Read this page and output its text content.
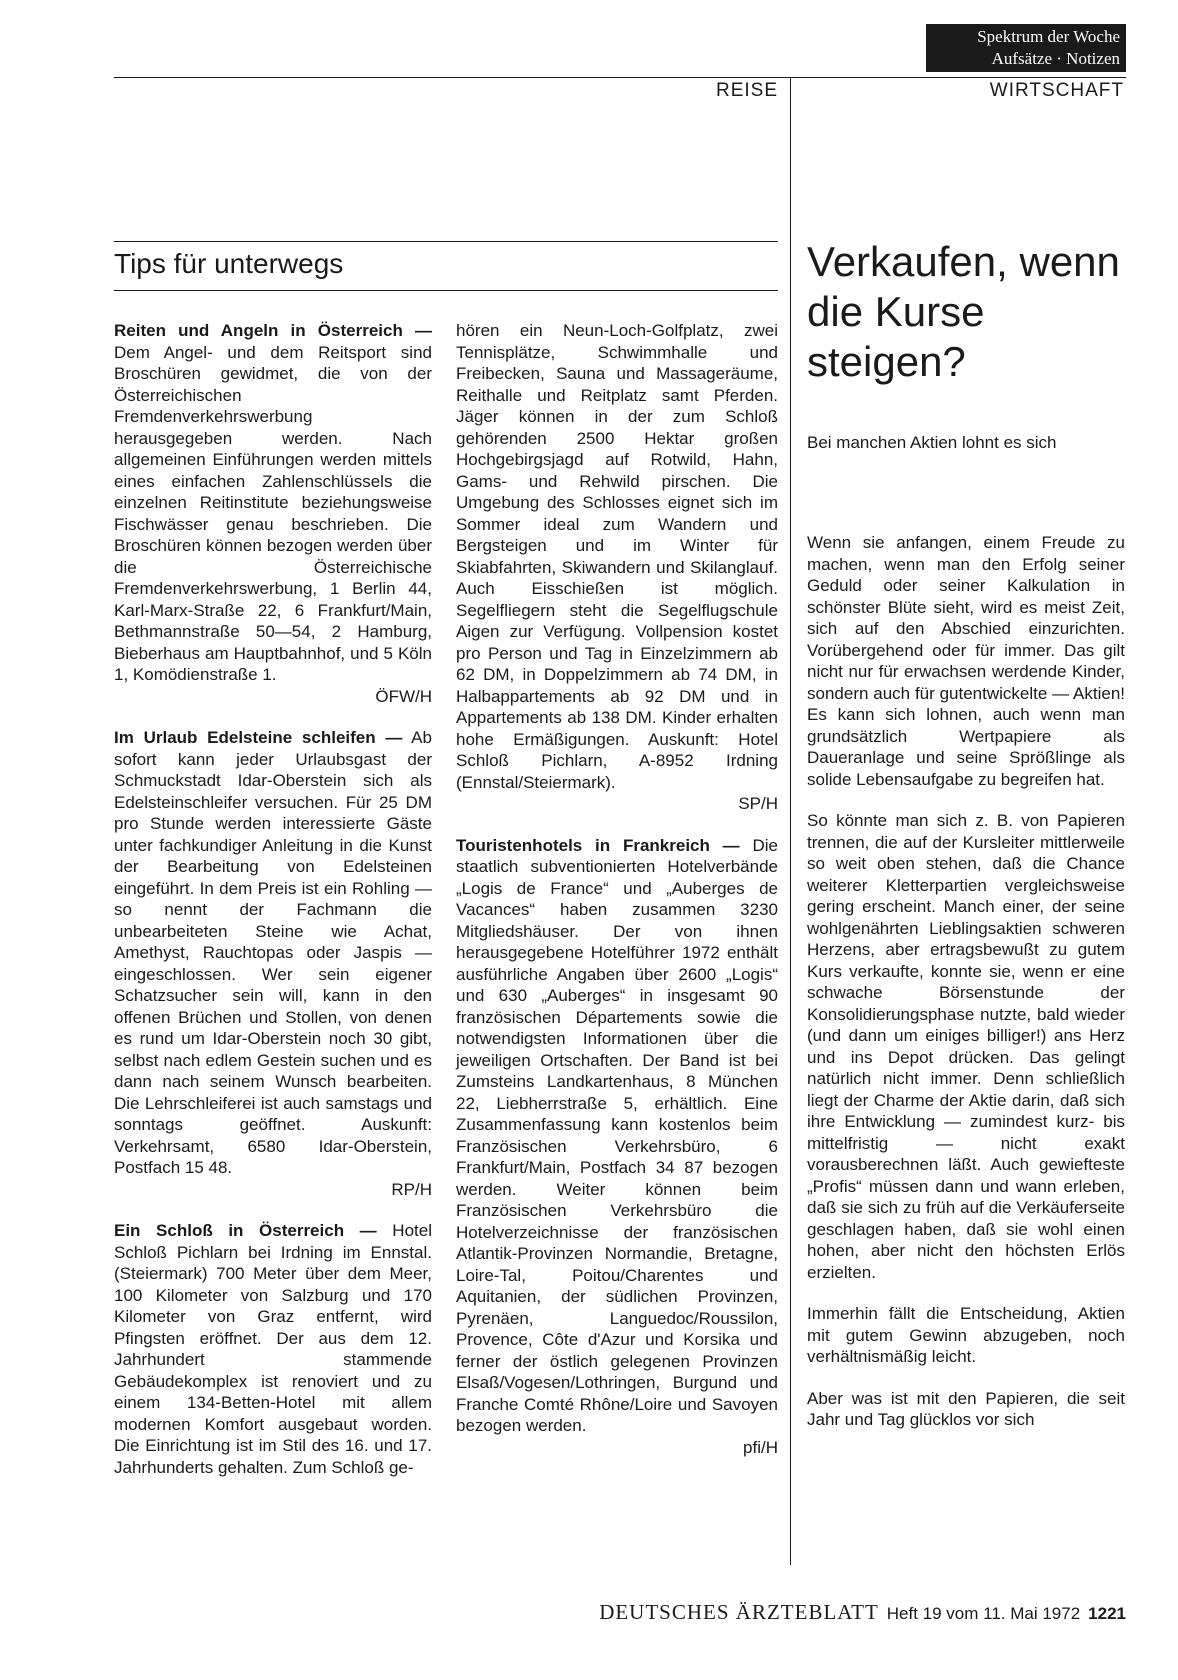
Spektrum der Woche
Aufsätze · Notizen
REISE	WIRTSCHAFT
Tips für unterwegs

Reiten und Angeln in Österreich — Dem Angel- und dem Reitsport sind Broschüren gewidmet, die von der Österreichischen Fremdenverkehrswerbung herausgegeben werden. Nach allgemeinen Einführungen werden mittels eines einfachen Zahlenschlüssels die einzelnen Reitinstitute beziehungsweise Fischwässer genau beschrieben. Die Broschüren können bezogen werden über die Österreichische Fremdenverkehrswerbung, 1 Berlin 44, Karl-Marx-Straße 22, 6 Frankfurt/Main, Bethmannstraße 50—54, 2 Hamburg, Bieberhaus am Hauptbahnhof, und 5 Köln 1, Komödienstraße 1.
ÖFW/H

Im Urlaub Edelsteine schleifen — Ab sofort kann jeder Urlaubsgast der Schmuckstadt Idar-Oberstein sich als Edelsteinschleifer versuchen. Für 25 DM pro Stunde werden interessierte Gäste unter fachkundiger Anleitung in die Kunst der Bearbeitung von Edelsteinen eingeführt. In dem Preis ist ein Rohling — so nennt der Fachmann die unbearbeiteten Steine wie Achat, Amethyst, Rauchtopas oder Jaspis — eingeschlossen. Wer sein eigener Schatzsucher sein will, kann in den offenen Brüchen und Stollen, von denen es rund um Idar-Oberstein noch 30 gibt, selbst nach edlem Gestein suchen und es dann nach seinem Wunsch bearbeiten. Die Lehrschleiferei ist auch samstags und sonntags geöffnet. Auskunft: Verkehrsamt, 6580 Idar-Oberstein, Postfach 15 48.
RP/H

Ein Schloß in Österreich — Hotel Schloß Pichlarn bei Irdning im Ennstal. (Steiermark) 700 Meter über dem Meer, 100 Kilometer von Salzburg und 170 Kilometer von Graz entfernt, wird Pfingsten eröffnet. Der aus dem 12. Jahrhundert stammende Gebäudekomplex ist renoviert und zu einem 134-Betten-Hotel mit allem modernen Komfort ausgebaut worden. Die Einrichtung ist im Stil des 16. und 17. Jahrhunderts gehalten. Zum Schloß ge-

hören ein Neun-Loch-Golfplatz, zwei Tennisplätze, Schwimmhalle und Freibecken, Sauna und Massageräume, Reithalle und Reitplatz samt Pferden. Jäger können in der zum Schloß gehörenden 2500 Hektar großen Hochgebirgsjagd auf Rotwild, Hahn, Gams- und Rehwild pirschen. Die Umgebung des Schlosses eignet sich im Sommer ideal zum Wandern und Bergsteigen und im Winter für Skiabfahrten, Skiwandern und Skilanglauf. Auch Eisschießen ist möglich. Segelfliegern steht die Segelflugschule Aigen zur Verfügung. Vollpension kostet pro Person und Tag in Einzelzimmern ab 62 DM, in Doppelzimmern ab 74 DM, in Halbappartements ab 92 DM und in Appartements ab 138 DM. Kinder erhalten hohe Ermäßigungen. Auskunft: Hotel Schloß Pichlarn, A-8952 Irdning (Ennstal/Steiermark).
SP/H

Touristenhotels in Frankreich — Die staatlich subventionierten Hotelverbände „Logis de France“ und „Auberges de Vacances“ haben zusammen 3230 Mitgliedshäuser. Der von ihnen herausgegebene Hotelführer 1972 enthält ausführliche Angaben über 2600 „Logis“ und 630 „Auberges“ in insgesamt 90 französischen Départements sowie die notwendigsten Informationen über die jeweiligen Ortschaften. Der Band ist bei Zumsteins Landkartenhaus, 8 München 22, Liebherrstraße 5, erhältlich. Eine Zusammenfassung kann kostenlos beim Französischen Verkehrsbüro, 6 Frankfurt/Main, Postfach 34 87 bezogen werden. Weiter können beim Französischen Verkehrsbüro die Hotelverzeichnisse der französischen Atlantik-Provinzen Normandie, Bretagne, Loire-Tal, Poitou/Charentes und Aquitanien, der südlichen Provinzen, Pyrenäen, Languedoc/Roussilon, Provence, Côte d'Azur und Korsika und ferner der östlich gelegenen Provinzen Elsaß/Vogesen/Lothringen, Burgund und Franche Comté Rhône/Loire und Savoyen bezogen werden.
pfi/H

Verkaufen, wenn die Kurse steigen?
Bei manchen Aktien lohnt es sich

Wenn sie anfangen, einem Freude zu machen, wenn man den Erfolg seiner Geduld oder seiner Kalkulation in schönster Blüte sieht, wird es meist Zeit, sich auf den Abschied einzurichten. Vorübergehend oder für immer. Das gilt nicht nur für erwachsen werdende Kinder, sondern auch für gutentwickelte — Aktien! Es kann sich lohnen, auch wenn man grundsätzlich Wertpapiere als Daueranlage und seine Sprößlinge als solide Lebensaufgabe zu begreifen hat.

So könnte man sich z. B. von Papieren trennen, die auf der Kursleiter mittlerweile so weit oben stehen, daß die Chance weiterer Kletterpartien vergleichsweise gering erscheint. Manch einer, der seine wohlgenährten Lieblingsaktien schweren Herzens, aber ertragsbewußt zu gutem Kurs verkaufte, konnte sie, wenn er eine schwache Börsenstunde der Konsolidierungsphase nutzte, bald wieder (und dann um einiges billiger!) ans Herz und ins Depot drücken. Das gelingt natürlich nicht immer. Denn schließlich liegt der Charme der Aktie darin, daß sich ihre Entwicklung — zumindest kurz- bis mittelfristig — nicht exakt vorausberechnen läßt. Auch gewiefteste „Profis“ müssen dann und wann erleben, daß sie sich zu früh auf die Verkäuferseite geschlagen haben, daß sie wohl einen hohen, aber nicht den höchsten Erlös erzielten.

Immerhin fällt die Entscheidung, Aktien mit gutem Gewinn abzugeben, noch verhältnismäßig leicht.

Aber was ist mit den Papieren, die seit Jahr und Tag glücklos vor sich

DEUTSCHES ÄRZTEBLATT Heft 19 vom 11. Mai 1972 1221
